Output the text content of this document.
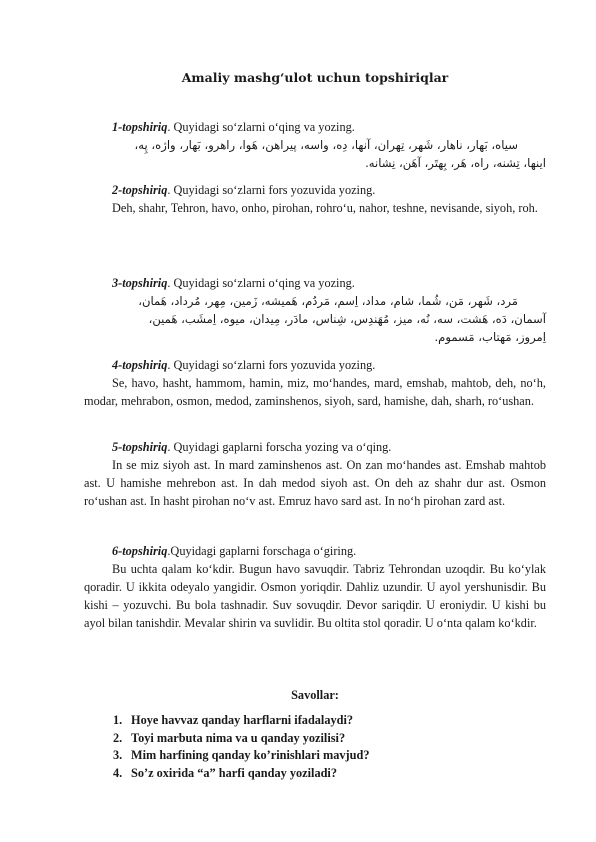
Amaliy mashg‘ulot uchun topshiriqlar

1-topshiriq. Quyidagi so‘zlarni o‘qing va yozing.

سیاه، بَهار، ناهار، شَهر، تِهران، آنها، دِه، واسه، پیراهن، هَوا، راهرو، بَهار، واژه، پِه،

اینها، تِشنه، راه، هَر، بِهتَر، آهَن، نِشانه.

2-topshiriq. Quyidagi so‘zlarni fors yozuvida yozing.

Deh, shahr, Tehron, havo, onho, pirohan, rohro‘u, nahor, teshne, nevisande, siyoh, roh.

3-topshiriq. Quyidagi so‘zlarni o‘qing va yozing.

مَرد، شَهر، مَن، شُما، شام، مداد، اِسم، مَردُم، هَمیشه، زَمین، مِهر، مُرداد، هَمان،

آسمان، دَه، هَشت، سه، نُه، میز، مُهَندِس، شِناس، مادَر، مِیدان، میوه، اِمشَب، هَمین،

اِمروز، مَهتاب، مَسموم.

4-topshiriq. Quyidagi so‘zlarni fors yozuvida yozing.

Se, havo, hasht, hammom, hamin, miz, mo‘handes, mard, emshab, mahtob, deh, no‘h, modar, mehrabon, osmon, medod, zaminshenos, siyoh, sard, hamishe, dah, sharh, ro‘ushan.

5-topshiriq. Quyidagi gaplarni forscha yozing va o‘qing.

In se miz siyoh ast. In mard zaminshenos ast. On zan mo‘handes ast. Emshab mahtob ast. U hamishe mehrebon ast. In dah medod siyoh ast. On deh az shahr dur ast. Osmon ro‘ushan ast. In hasht pirohan no‘v ast. Emruz havo sard ast. In no‘h pirohan zard ast.

6-topshiriq.Quyidagi gaplarni forschaga o‘giring.

Bu uchta qalam ko‘kdir. Bugun havo savuqdir. Tabriz Tehrondan uzoqdir. Bu ko‘ylak qoradir. U ikkita odeyalo yangidir. Osmon yoriqdir. Dahliz uzundir. U ayol yershunisdir. Bu kishi – yozuvchi. Bu bola tashnadir. Suv sovuqdir. Devor sariqdir. U eroniydir. U kishi bu ayol bilan tanishdir. Mevalar shirin va suvlidir. Bu oltita stol qoradir. U o‘nta qalam ko‘kdir.

Savollar:
1. Hoye havvaz qanday harflarni ifadalaydi?
2. Toyi marbuta nima va u qanday yozilisi?
3. Mim harfining qanday ko’rinishlari mavjud?
4. So’z oxirida “a” harfi qanday yoziladi?
